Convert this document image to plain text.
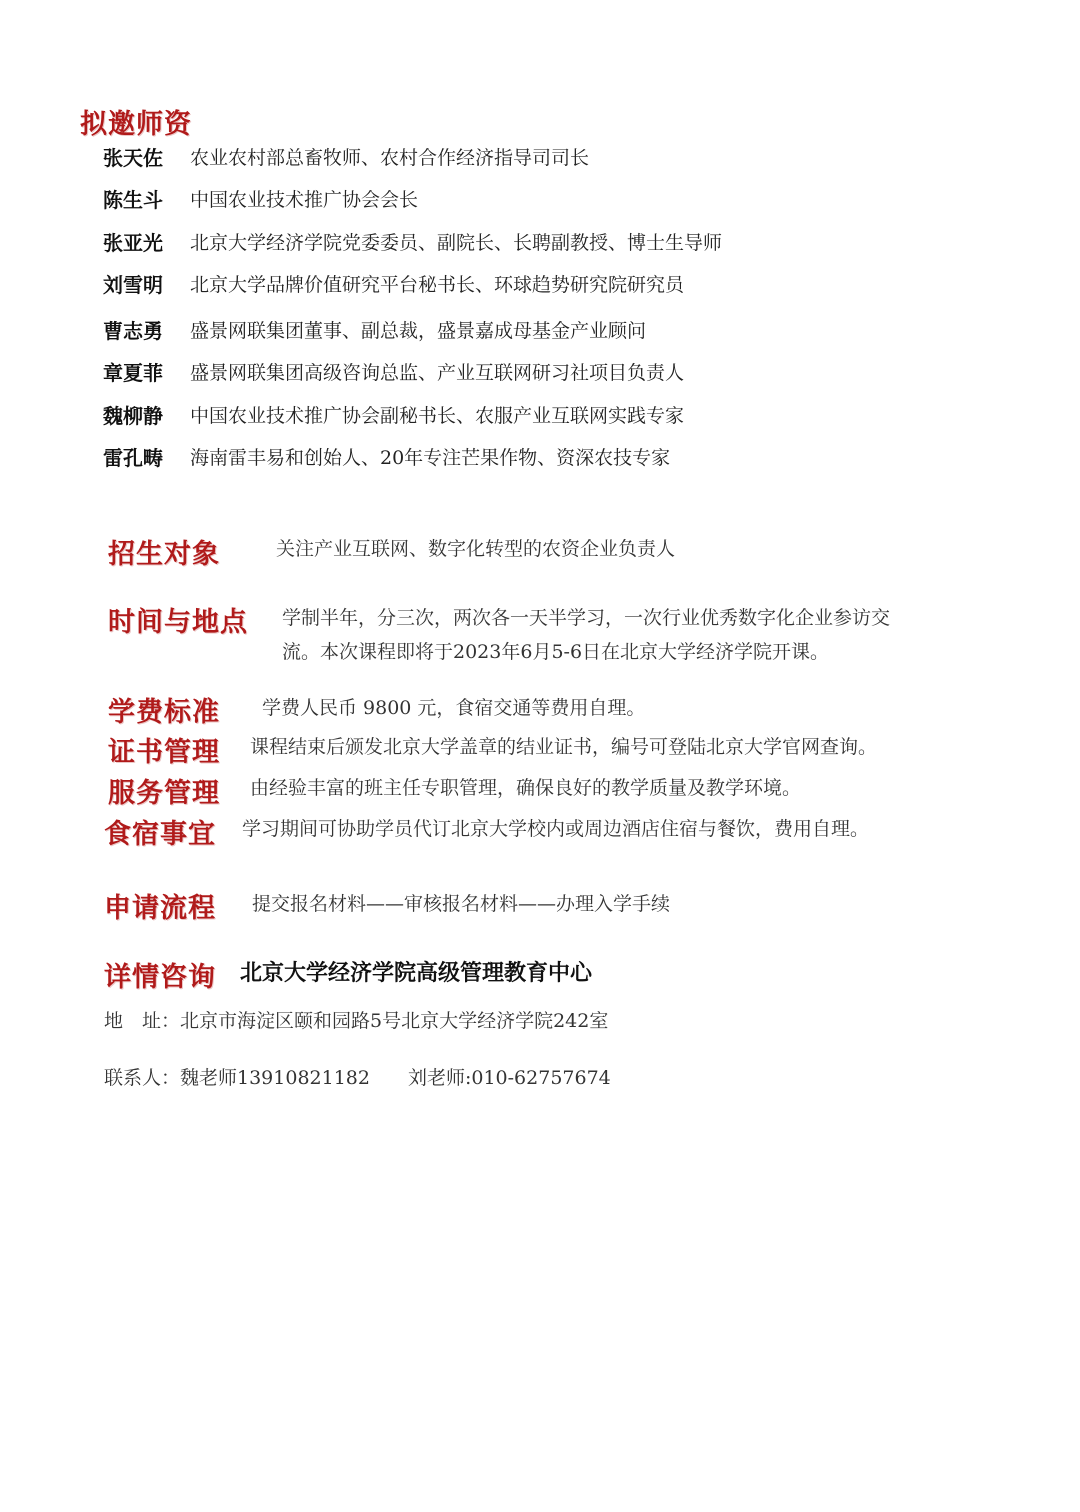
拟邀师资
张天佐 农业农村部总畜牧师、农村合作经济指导司司长
陈生斗 中国农业技术推广协会会长
张亚光 北京大学经济学院党委委员、副院长、长聘副教授、博士生导师
刘雪明 北京大学品牌价值研究平台秘书长、环球趋势研究院研究员
曹志勇 盛景网联集团董事、副总裁，盛景嘉成母基金产业顾问
章夏菲 盛景网联集团高级咨询总监、产业互联网研习社项目负责人
魏柳静 中国农业技术推广协会副秘书长、农服产业互联网实践专家
雷孔畴 海南雷丰易和创始人、20年专注芒果作物、资深农技专家
招生对象	关注产业互联网、数字化转型的农资企业负责人
时间与地点 学制半年，分三次，两次各一天半学习，一次行业优秀数字化企业参访交
流。本次课程即将于2023年6月5-6日在北京大学经济学院开课。
学费标准 学费人民币 9800 元，食宿交通等费用自理。
证书管理 课程结束后颁发北京大学盖章的结业证书，编号可登陆北京大学官网查询。
服务管理 由经验丰富的班主任专职管理，确保良好的教学质量及教学环境。
食宿事宜 学习期间可协助学员代订北京大学校内或周边酒店住宿与餐饮，费用自理。
申请流程 提交报名材料——审核报名材料——办理入学手续
详情咨询 北京大学经济学院高级管理教育中心
地　址：北京市海淀区颐和园路5号北京大学经济学院242室
联系人：魏老师13910821182　　刘老师:010-62757674
